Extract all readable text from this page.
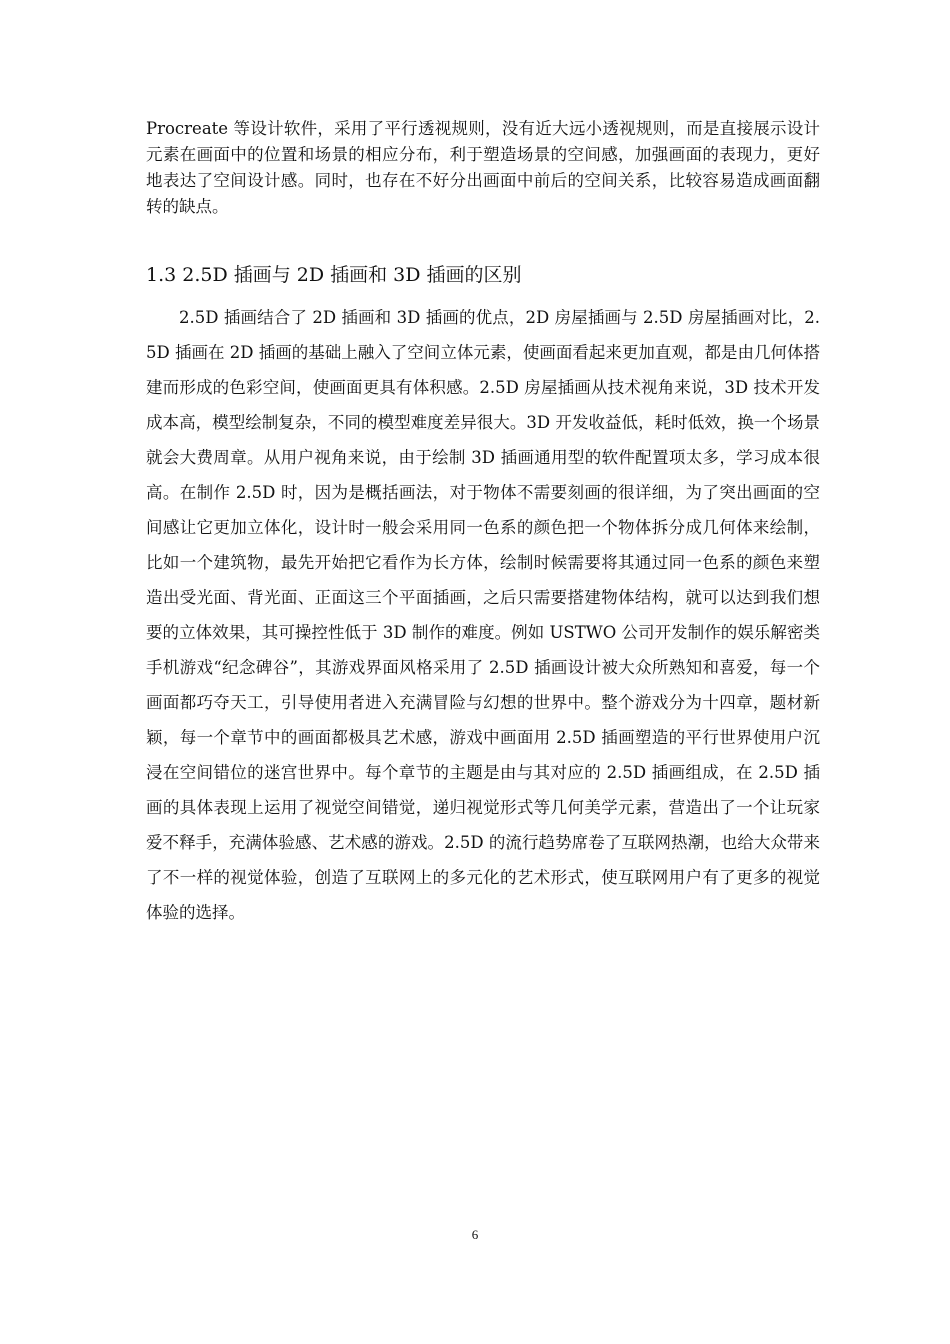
Procreate 等设计软件，采用了平行透视规则，没有近大远小透视规则，而是直接展示设计元素在画面中的位置和场景的相应分布，利于塑造场景的空间感，加强画面的表现力，更好地表达了空间设计感。同时，也存在不好分出画面中前后的空间关系，比较容易造成画面翻转的缺点。

1.3 2.5D 插画与 2D 插画和 3D 插画的区别

2.5D 插画结合了 2D 插画和 3D 插画的优点，2D 房屋插画与 2.5D 房屋插画对比，2.5D 插画在 2D 插画的基础上融入了空间立体元素，使画面看起来更加直观，都是由几何体搭建而形成的色彩空间，使画面更具有体积感。2.5D 房屋插画从技术视角来说，3D 技术开发成本高，模型绘制复杂，不同的模型难度差异很大。3D 开发收益低，耗时低效，换一个场景就会大费周章。从用户视角来说，由于绘制 3D 插画通用型的软件配置项太多，学习成本很高。在制作 2.5D 时，因为是概括画法，对于物体不需要刻画的很详细，为了突出画面的空间感让它更加立体化，设计时一般会采用同一色系的颜色把一个物体拆分成几何体来绘制，比如一个建筑物，最先开始把它看作为长方体，绘制时候需要将其通过同一色系的颜色来塑造出受光面、背光面、正面这三个平面插画，之后只需要搭建物体结构，就可以达到我们想要的立体效果，其可操控性低于 3D 制作的难度。例如 USTWO 公司开发制作的娱乐解密类手机游戏“纪念碑谷”，其游戏界面风格采用了 2.5D 插画设计被大众所熟知和喜爱，每一个画面都巧夺天工，引导使用者进入充满冒险与幻想的世界中。整个游戏分为十四章，题材新颖，每一个章节中的画面都极具艺术感，游戏中画面用 2.5D 插画塑造的平行世界使用户沉浸在空间错位的迷宫世界中。每个章节的主题是由与其对应的 2.5D 插画组成，在 2.5D 插画的具体表现上运用了视觉空间错觉，递归视觉形式等几何美学元素，营造出了一个让玩家爱不释手，充满体验感、艺术感的游戏。2.5D 的流行趋势席卷了互联网热潮，也给大众带来了不一样的视觉体验，创造了互联网上的多元化的艺术形式，使互联网用户有了更多的视觉体验的选择。

6
